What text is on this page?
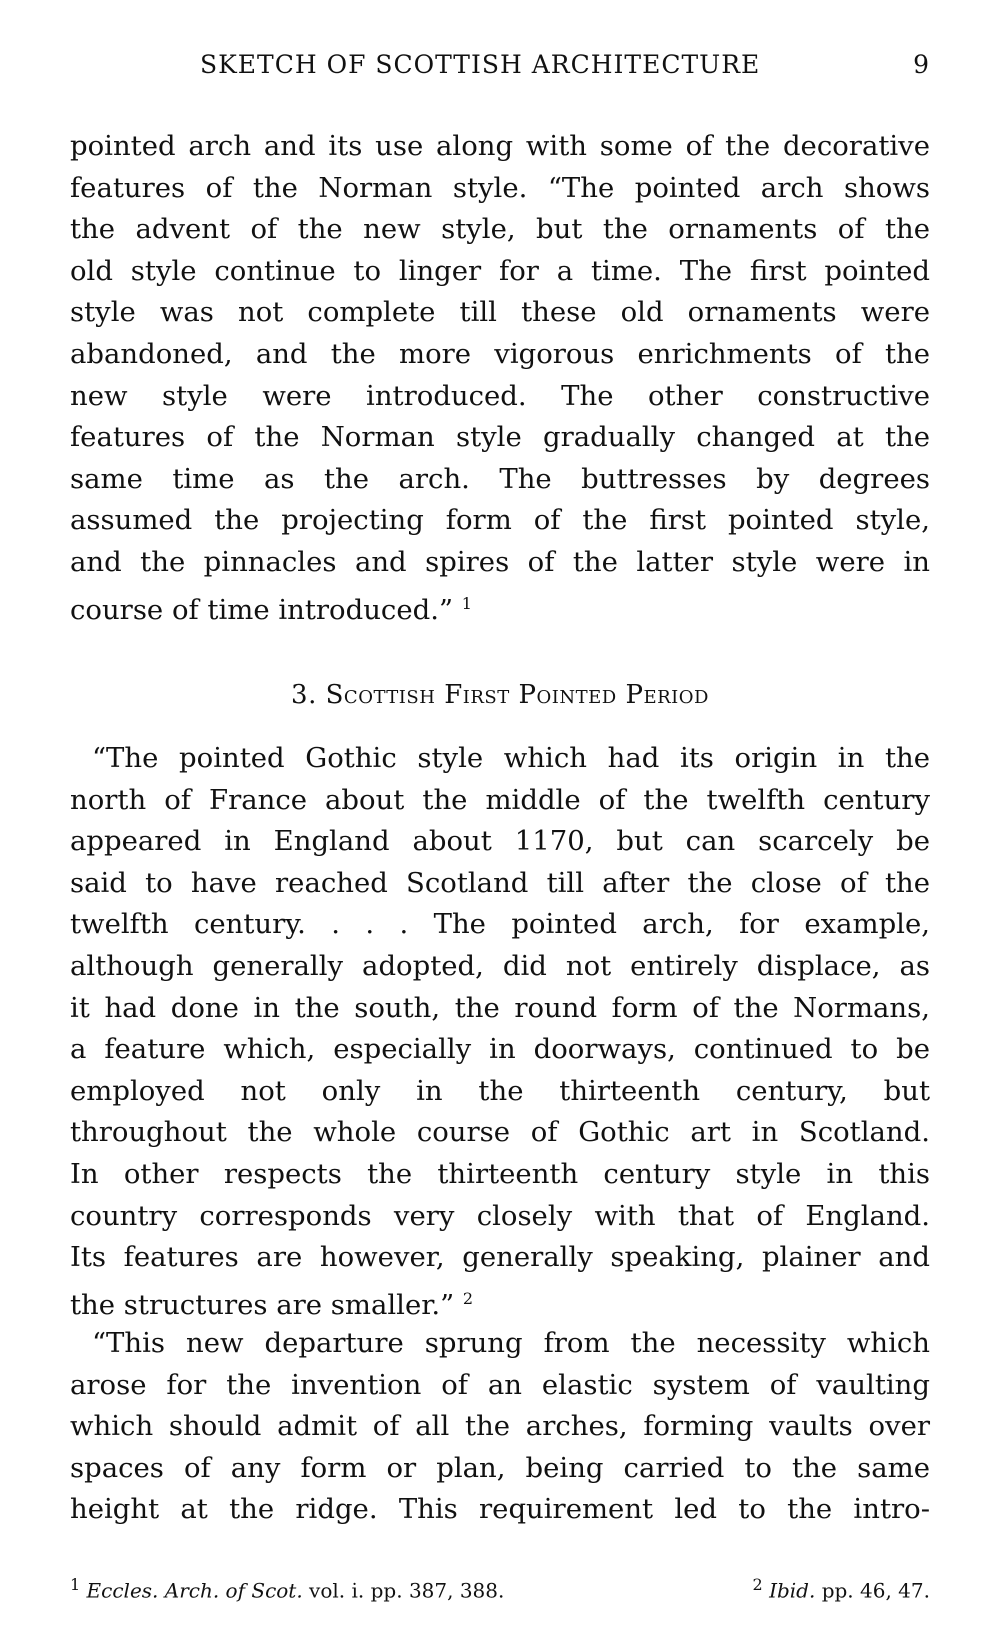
SKETCH OF SCOTTISH ARCHITECTURE	9
pointed arch and its use along with some of the decorative
features of the Norman style. “The pointed arch shows
the advent of the new style, but the ornaments of the
old style continue to linger for a time. The first pointed
style was not complete till these old ornaments were
abandoned, and the more vigorous enrichments of the
new style were introduced. The other constructive
features of the Norman style gradually changed at the
same time as the arch. The buttresses by degrees
assumed the projecting form of the first pointed style,
and the pinnacles and spires of the latter style were in
course of time introduced.” $^1$
“The pointed Gothic style which had its origin in the
north of France about the middle of the twelfth century
appeared in England about 1170, but can scarcely be
said to have reached Scotland till after the close of the
twelfth century. . . . The pointed arch, for example,
although generally adopted, did not entirely displace, as
it had done in the south, the round form of the Normans,
a feature which, especially in doorways, continued to be
employed not only in the thirteenth century, but
throughout the whole course of Gothic art in Scotland.
In other respects the thirteenth century style in this
country corresponds very closely with that of England.
Its features are however, generally speaking, plainer and
the structures are smaller.” $^2$
“This new departure sprung from the necessity which
arose for the invention of an elastic system of vaulting
which should admit of all the arches, forming vaults over
spaces of any form or plan, being carried to the same
height at the ridge. This requirement led to the intro-
3. Scottish First Pointed Period
$^1$ Eccles. Arch. of Scot. vol. i. pp. 387, 388.	$^2$ Ibid. pp. 46, 47.
